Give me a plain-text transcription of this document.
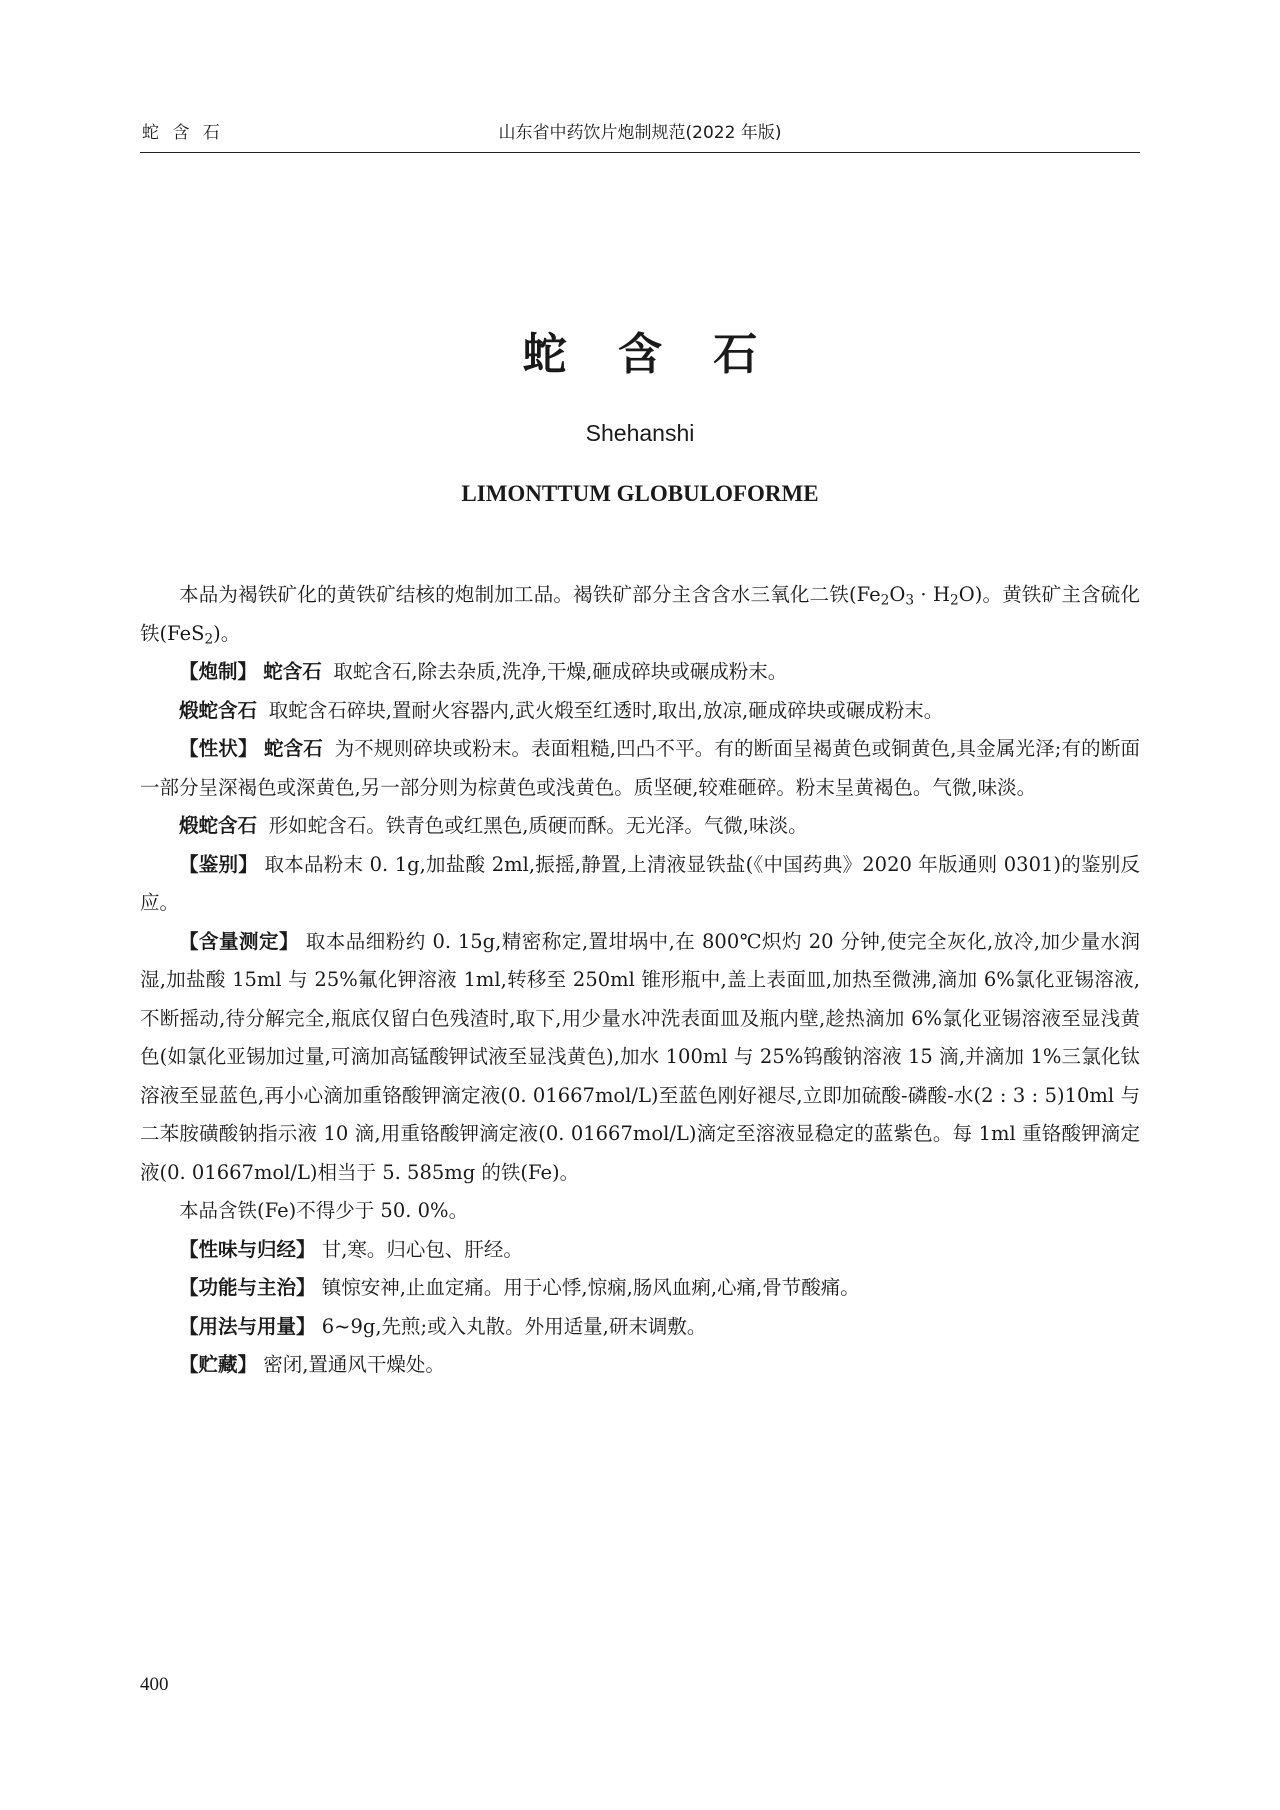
蛇 含 石	山东省中药饮片炮制规范(2022 年版)
蛇 含 石
Shehanshi
LIMONTTUM GLOBULOFORME

本品为褐铁矿化的黄铁矿结核的炮制加工品。褐铁矿部分主含含水三氧化二铁$(Fe_2O_3 \cdot H_2O)$。黄铁矿主含硫化铁(FeS$_2$)。

【炮制】 蛇含石 取蛇含石,除去杂质,洗净,干燥,砸成碎块或碾成粉末。

煅蛇含石 取蛇含石碎块,置耐火容器内,武火煅至红透时,取出,放凉,砸成碎块或碾成粉末。

【性状】 蛇含石 为不规则碎块或粉末。表面粗糙,凹凸不平。有的断面呈褐黄色或铜黄色,具金属光泽;有的断面一部分呈深褐色或深黄色,另一部分则为棕黄色或浅黄色。质坚硬,较难砸碎。粉末呈黄褐色。气微,味淡。

煅蛇含石 形如蛇含石。铁青色或红黑色,质硬而酥。无光泽。气微,味淡。

【鉴别】 取本品粉末 0. 1g,加盐酸 2ml,振摇,静置,上清液显铁盐(《中国药典》2020 年版通则 0301)的鉴别反应。

【含量测定】 取本品细粉约 0. 15g,精密称定,置坩埚中,在 800℃炽灼 20 分钟,使完全灰化,放冷,加少量水润湿,加盐酸 15ml 与 25%氟化钾溶液 1ml,转移至 250ml 锥形瓶中,盖上表面皿,加热至微沸,滴加 6%氯化亚锡溶液,不断摇动,待分解完全,瓶底仅留白色残渣时,取下,用少量水冲洗表面皿及瓶内壁,趁热滴加 6%氯化亚锡溶液至显浅黄色(如氯化亚锡加过量,可滴加高锰酸钾试液至显浅黄色),加水 100ml 与 25%钨酸钠溶液 15 滴,并滴加 1%三氯化钛溶液至显蓝色,再小心滴加重铬酸钾滴定液(0. 01667mol/L)至蓝色刚好褪尽,立即加硫酸-磷酸-水(2 : 3 : 5)10ml 与二苯胺磺酸钠指示液 10 滴,用重铬酸钾滴定液(0. 01667mol/L)滴定至溶液显稳定的蓝紫色。每 1ml 重铬酸钾滴定液(0. 01667mol/L)相当于 5. 585mg 的铁(Fe)。

本品含铁(Fe)不得少于 50. 0%。

【性味与归经】 甘,寒。归心包、肝经。

【功能与主治】 镇惊安神,止血定痛。用于心悸,惊痫,肠风血痢,心痛,骨节酸痛。

【用法与用量】 6~9g,先煎;或入丸散。外用适量,研末调敷。

【贮藏】 密闭,置通风干燥处。

400
